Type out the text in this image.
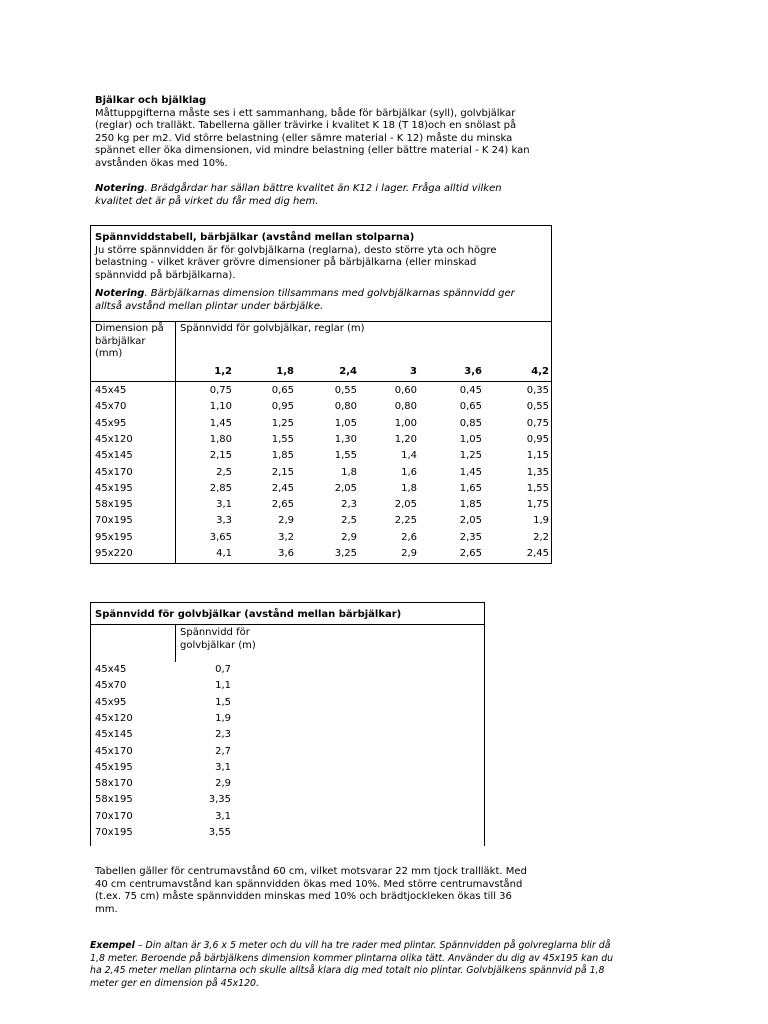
Bjälkar och bjälklag
Måttuppgifterna måste ses i ett sammanhang, både för bärbjälkar (syll), golvbjälkar
(reglar) och tralläkt. Tabellerna gäller trävirke i kvalitet K 18 (T 18)och en snölast på
250 kg per m2. Vid större belastning (eller sämre material - K 12) måste du minska
spännet eller öka dimensionen, vid mindre belastning (eller bättre material - K 24) kan
avstånden ökas med 10%.
Notering. Brädgårdar har sällan bättre kvalitet än K12 i lager. Fråga alltid vilken
kvalitet det är på virket du får med dig hem.
Spännviddstabell, bärbjälkar (avstånd mellan stolparna)
Ju större spännvidden är för golvbjälkarna (reglarna), desto större yta och högre
belastning - vilket kräver grövre dimensioner på bärbjälkarna (eller minskad
spännvidd på bärbjälkarna).
Notering. Bärbjälkarnas dimension tillsammans med golvbjälkarnas spännvidd ger
alltså avstånd mellan plintar under bärbjälke.
Dimension på
bärbjälkar
(mm)
Spännvidd för golvbjälkar, reglar (m)
1,2	1,8	2,4	3	3,6	4,2
45x45	0,75	0,65	0,55	0,60	0,45	0,35
45x70	1,10	0,95	0,80	0,80	0,65	0,55
45x95	1,45	1,25	1,05	1,00	0,85	0,75
45x120	1,80	1,55	1,30	1,20	1,05	0,95
45x145	2,15	1,85	1,55	1,4	1,25	1,15
45x170	2,5	2,15	1,8	1,6	1,45	1,35
45x195	2,85	2,45	2,05	1,8	1,65	1,55
58x195	3,1	2,65	2,3	2,05	1,85	1,75
70x195	3,3	2,9	2,5	2,25	2,05	1,9
95x195	3,65	3,2	2,9	2,6	2,35	2,2
95x220	4,1	3,6	3,25	2,9	2,65	2,45
Spännvidd för golvbjälkar (avstånd mellan bärbjälkar)
Spännvidd för
golvbjälkar (m)
45x45	0,7
45x70	1,1
45x95	1,5
45x120	1,9
45x145	2,3
45x170	2,7
45x195	3,1
58x170	2,9
58x195	3,35
70x170	3,1
70x195	3,55
Tabellen gäller för centrumavstånd 60 cm, vilket motsvarar 22 mm tjock trallläkt. Med
40 cm centrumavstånd kan spännvidden ökas med 10%. Med större centrumavstånd
(t.ex. 75 cm) måste spännvidden minskas med 10% och brädtjockleken ökas till 36
mm.
Exempel – Din altan är 3,6 x 5 meter och du vill ha tre rader med plintar. Spännvidden på golvreglarna blir då
1,8 meter. Beroende på bärbjälkens dimension kommer plintarna olika tätt. Använder du dig av 45x195 kan du
ha 2,45 meter mellan plintarna och skulle alltså klara dig med totalt nio plintar. Golvbjälkens spännvid på 1,8
meter ger en dimension på 45x120.
